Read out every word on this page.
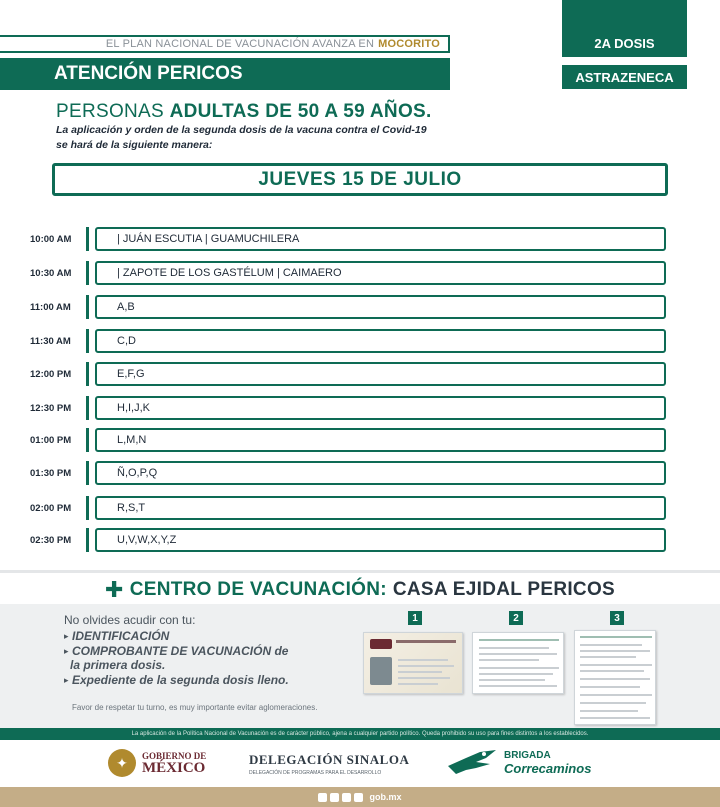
EL PLAN NACIONAL DE VACUNACIÓN AVANZA EN MOCORITO
ATENCIÓN PERICOS
2A DOSIS
ASTRAZENECA
PERSONAS ADULTAS DE 50 A 59 AÑOS.
La aplicación y orden de la segunda dosis de la vacuna contra el Covid-19 se hará de la siguiente manera:
JUEVES 15 DE JULIO
10:00 AM	| JUÁN ESCUTIA | GUAMUCHILERA
10:30 AM	| ZAPOTE DE LOS GASTÉLUM | CAIMAERO
11:00 AM	A,B
11:30 AM	C,D
12:00 PM	E,F,G
12:30 PM	H,I,J,K
01:00 PM	L,M,N
01:30 PM	Ñ,O,P,Q
02:00 PM	R,S,T
02:30 PM	U,V,W,X,Y,Z
✚ CENTRO DE VACUNACIÓN: CASA EJIDAL PERICOS
No olvides acudir con tu:
▸ IDENTIFICACIÓN
▸ COMPROBANTE DE VACUNACIÓN de
la primera dosis.
▸ Expediente de la segunda dosis lleno.
Favor de respetar tu turno, es muy importante evitar aglomeraciones.
1	2	3
La aplicación de la Política Nacional de Vacunación es de carácter público, ajena a cualquier partido político. Queda prohibido su uso para fines distintos a los establecidos.
✦	GOBIERNO DE
MÉXICO	DELEGACIÓN SINALOA
DELEGACIÓN DE PROGRAMAS PARA EL DESARROLLO
BRIGADA
Correcaminos
gob.mx
